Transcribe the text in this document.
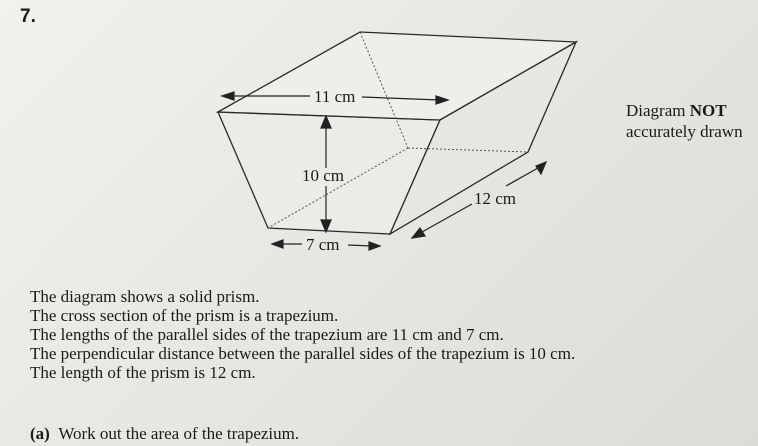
7.
11 cm
10 cm
7 cm
12 cm
Diagram NOT
accurately drawn
The diagram shows a solid prism.
The cross section of the prism is a trapezium.
The lengths of the parallel sides of the trapezium are 11 cm and 7 cm.
The perpendicular distance between the parallel sides of the trapezium is 10 cm.
The length of the prism is 12 cm.
(a) Work out the area of the trapezium.
